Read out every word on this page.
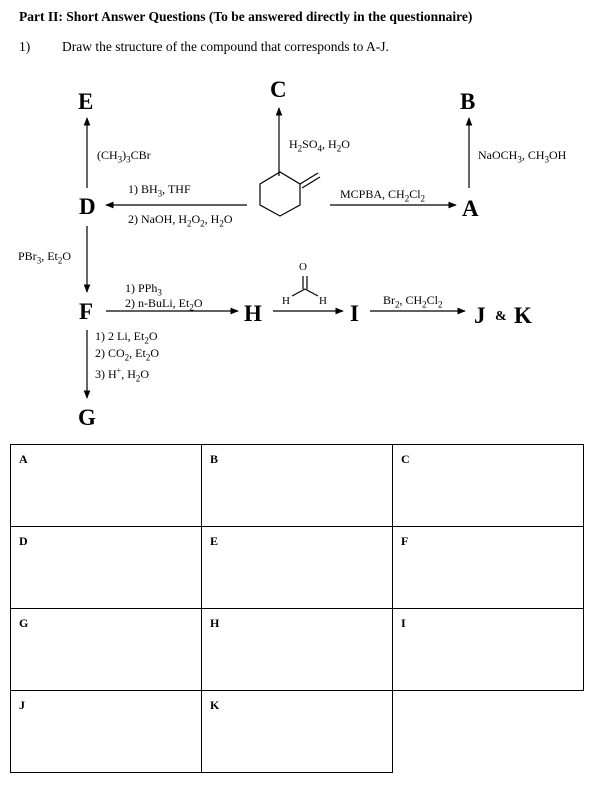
Part II: Short Answer Questions (To be answered directly in the questionnaire)
1) Draw the structure of the compound that corresponds to A-J.
E	C	B
D	A
F	H	I	J & K
G
O
H	H
$(CH_3)_3CBr$
$H_2SO_4$, $H_2O$
NaOCH$_3$, $CH_3OH$
1) $BH_3$, THF
2) NaOH, $H_2O_2$, $H_2O$
MCPBA, $CH_2Cl_2$
PBr$_3$, $Et_2O$
1) PPh$_3$
2) n-BuLi, $Et_2O$	$Br_2$, $CH_2Cl_2$
1) 2 Li, $Et_2O$
2) $CO_2$, $Et_2O$
3) H+, $H_2O$
A	B	C

D	E	F

G	H	I

J	K	
